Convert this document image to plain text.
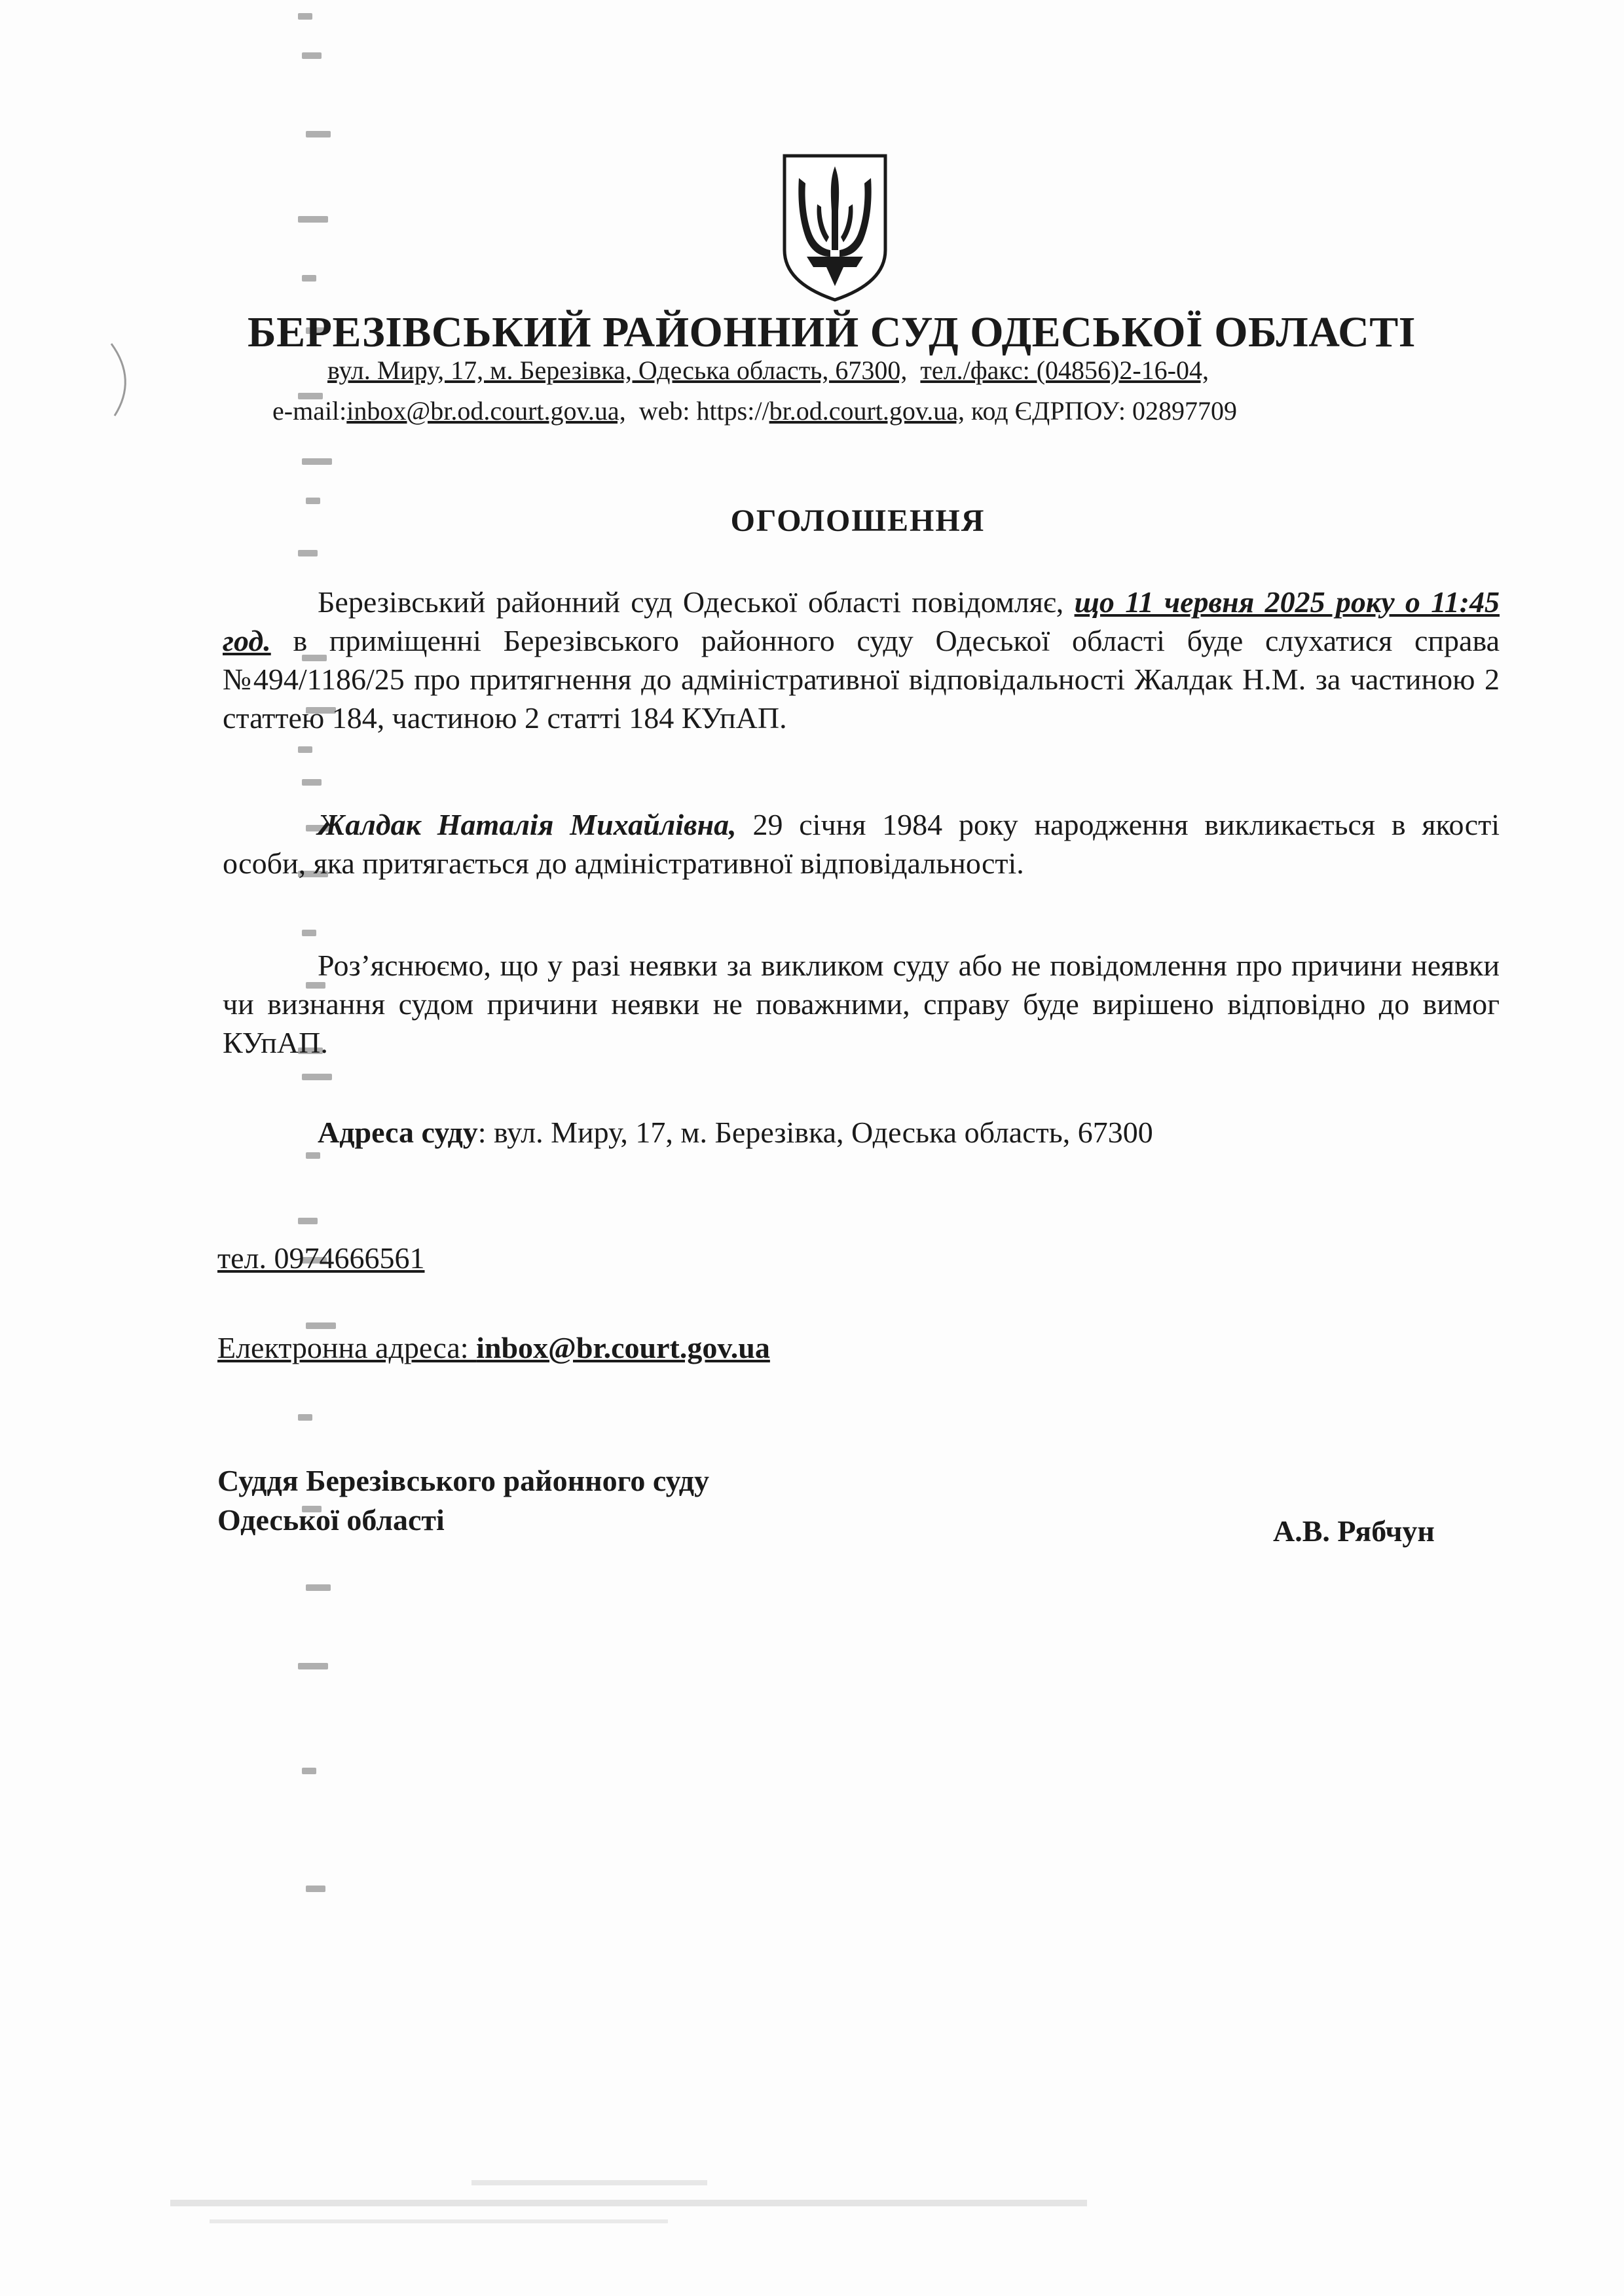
БЕРЕЗІВСЬКИЙ РАЙОННИЙ СУД ОДЕСЬКОЇ ОБЛАСТІ
вул. Миру, 17, м. Березівка, Одеська область, 67300, тел./факс: (04856)2-16-04,
e-mail:inbox@br.od.court.gov.ua, web: https://br.od.court.gov.ua, код ЄДРПОУ: 02897709
ОГОЛОШЕННЯ
Березівський районний суд Одеської області повідомляє, що 11 червня 2025 року о 11:45 год. в приміщенні Березівського районного суду Одеської області буде слухатися справа №494/1186/25 про притягнення до адміністративної відповідальності Жалдак Н.М. за частиною 2 статтею 184, частиною 2 статті 184 КУпАП.
Жалдак Наталія Михайлівна, 29 січня 1984 року народження викликається в якості особи, яка притягається до адміністративної відповідальності.
Роз’яснюємо, що у разі неявки за викликом суду або не повідомлення про причини неявки чи визнання судом причини неявки не поважними, справу буде вирішено відповідно до вимог КУпАП.
Адреса суду: вул. Миру, 17, м. Березівка, Одеська область, 67300
тел. 0974666561
Електронна адреса: inbox@br.court.gov.ua
Суддя Березівського районного суду
Одеської області	А.В. Рябчун
